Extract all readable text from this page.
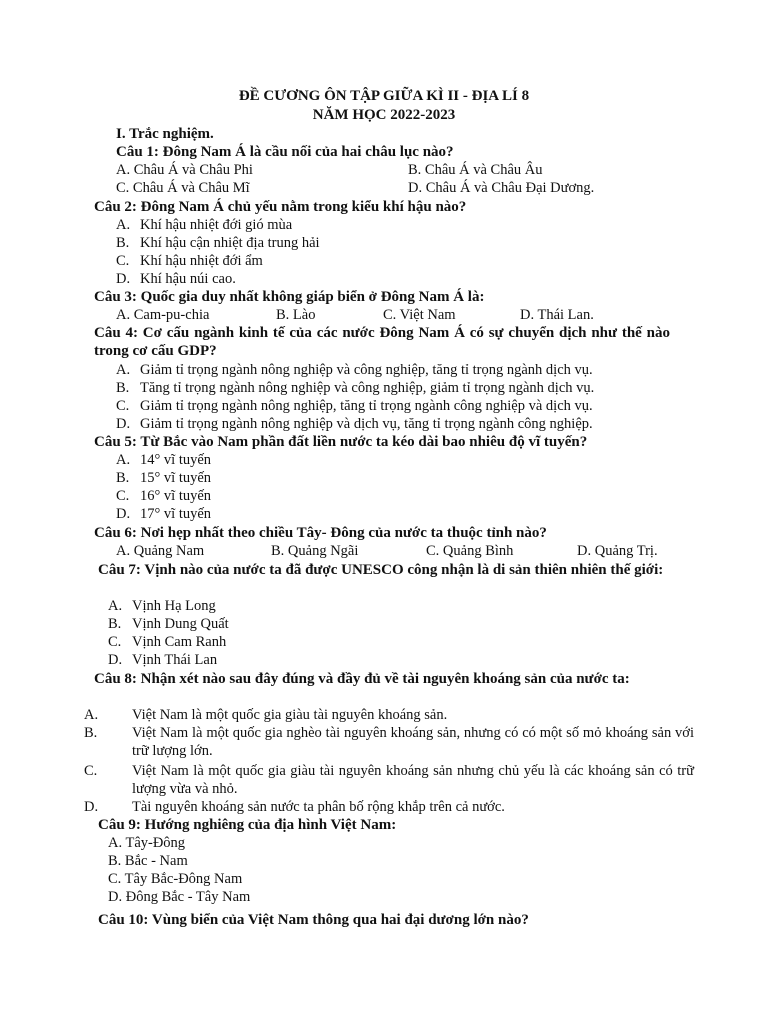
ĐỀ CƯƠNG ÔN TẬP GIỮA KÌ II - ĐỊA LÍ 8
NĂM HỌC 2022-2023
I. Trắc nghiệm.
Câu 1: Đông Nam Á là cầu nối của hai châu lục nào?
A. Châu Á và Châu Phi	B. Châu Á và Châu Âu
C. Châu Á và Châu Mĩ	D. Châu Á và Châu Đại Dương.
Câu 2: Đông Nam Á chủ yếu nằm trong kiểu khí hậu nào?
A. Khí hậu nhiệt đới gió mùa
B. Khí hậu cận nhiệt địa trung hải
C. Khí hậu nhiệt đới ẩm
D. Khí hậu núi cao.
Câu 3: Quốc gia duy nhất không giáp biển ở Đông Nam Á là:
A. Cam-pu-chia	B. Lào	C. Việt Nam	D. Thái Lan.
Câu 4: Cơ cấu ngành kinh tế của các nước Đông Nam Á có sự chuyển dịch như thế nào trong cơ cấu GDP?
A. Giảm tỉ trọng ngành nông nghiệp và công nghiệp, tăng tỉ trọng ngành dịch vụ.
B. Tăng tỉ trọng ngành nông nghiệp và công nghiệp, giảm tỉ trọng ngành dịch vụ.
C. Giảm tỉ trọng ngành nông nghiệp, tăng tỉ trọng ngành công nghiệp và dịch vụ.
D. Giảm tỉ trọng ngành nông nghiệp và dịch vụ, tăng tỉ trọng ngành công nghiệp.
Câu 5: Từ Bắc vào Nam phần đất liền nước ta kéo dài bao nhiêu độ vĩ tuyến?
A. 14° vĩ tuyến
B. 15° vĩ tuyến
C. 16° vĩ tuyến
D. 17° vĩ tuyến
Câu 6: Nơi hẹp nhất theo chiều Tây- Đông của nước ta thuộc tỉnh nào?
A. Quảng Nam	B. Quảng Ngãi	C. Quảng Bình	D. Quảng Trị.
Câu 7: Vịnh nào của nước ta đã được UNESCO công nhận là di sản thiên nhiên thế giới:
A. Vịnh Hạ Long
B. Vịnh Dung Quất
C. Vịnh Cam Ranh
D. Vịnh Thái Lan
Câu 8: Nhận xét nào sau đây đúng và đầy đủ về tài nguyên khoáng sản của nước ta:
A. Việt Nam là một quốc gia giàu tài nguyên khoáng sản.
B. Việt Nam là một quốc gia nghèo tài nguyên khoáng sản, nhưng có có một số mỏ khoáng sản với trữ lượng lớn.
C. Việt Nam là một quốc gia giàu tài nguyên khoáng sản nhưng chủ yếu là các khoáng sản có trữ lượng vừa và nhỏ.
D. Tài nguyên khoáng sản nước ta phân bố rộng khắp trên cả nước.
Câu 9: Hướng nghiêng của địa hình Việt Nam:
A. Tây-Đông
B. Bắc - Nam
C. Tây Bắc-Đông Nam
D. Đông Bắc - Tây Nam
Câu 10: Vùng biển của Việt Nam thông qua hai đại dương lớn nào?
